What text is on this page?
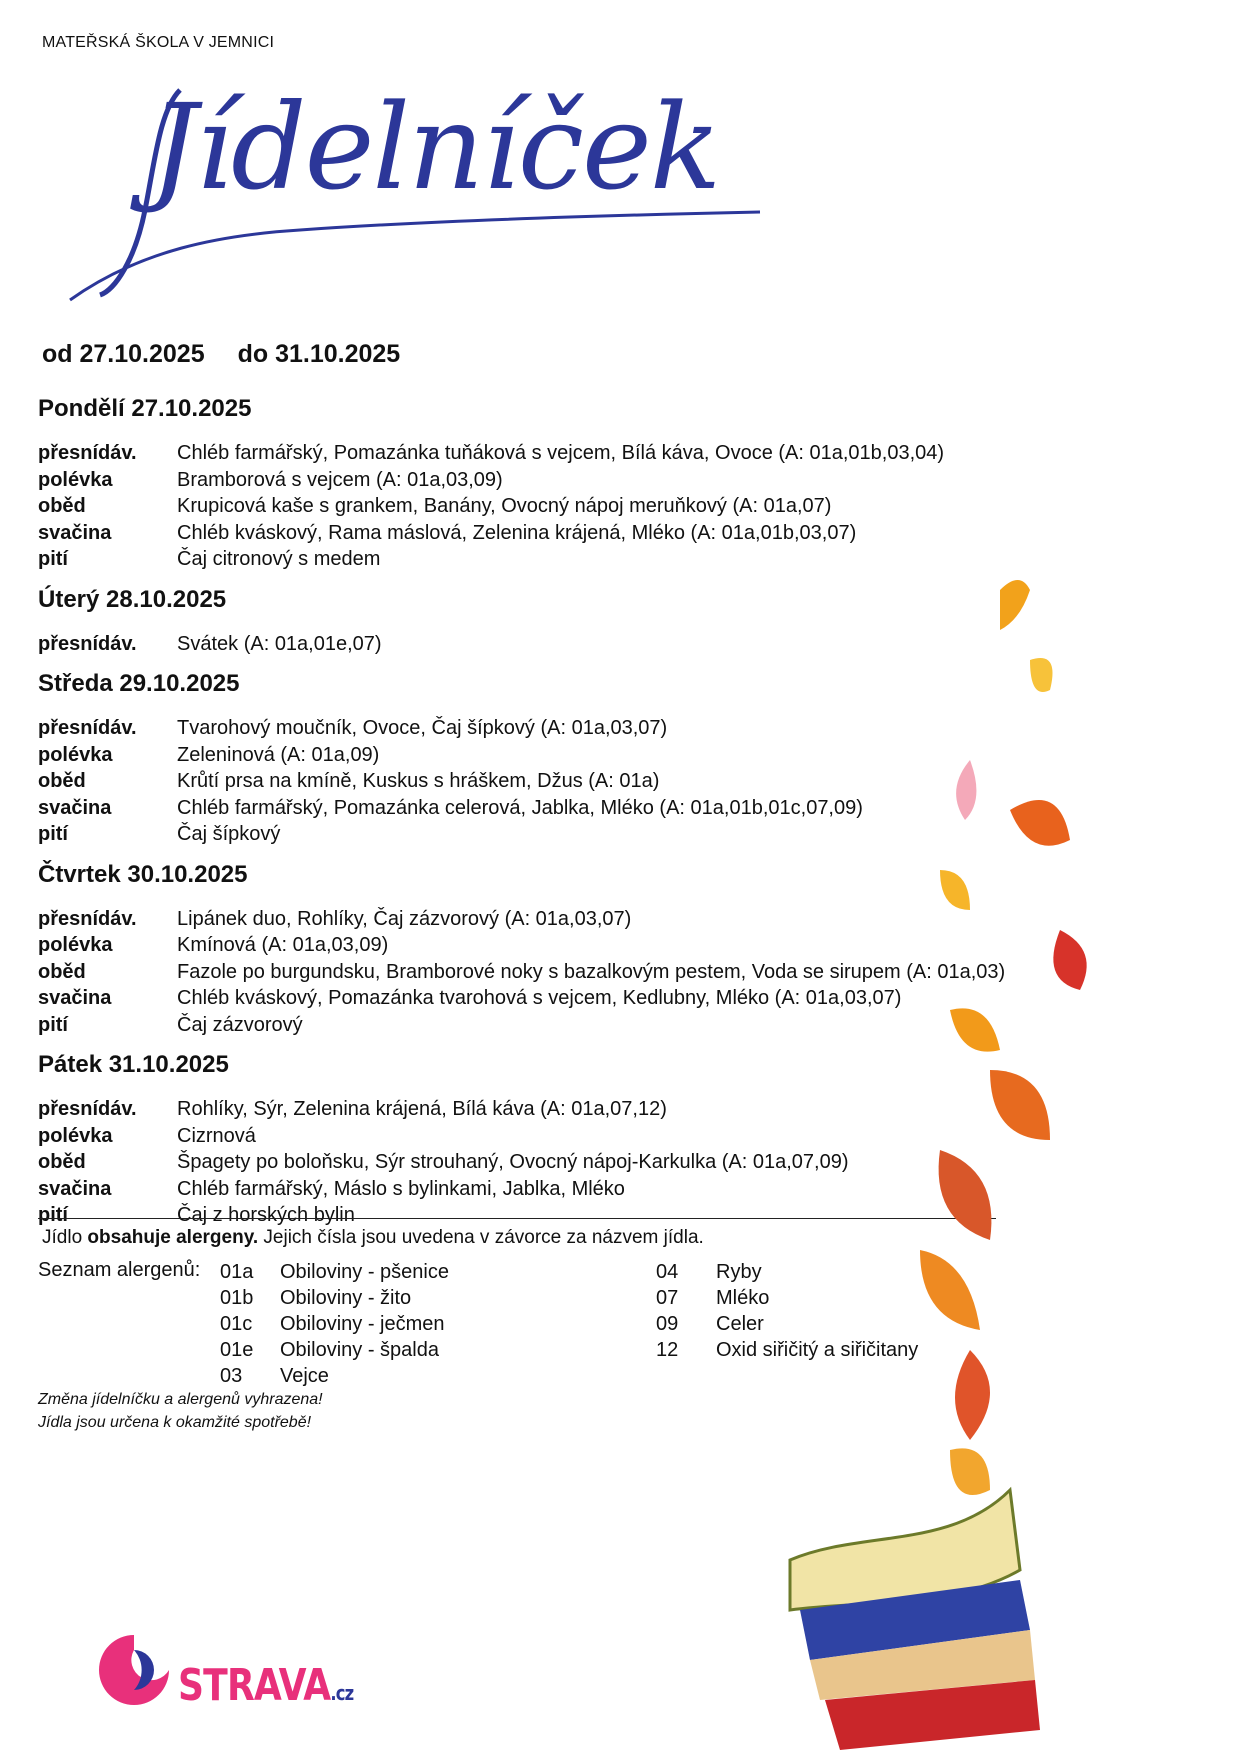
MATEŘSKÁ ŠKOLA V JEMNICI
Jídelníček
od 27.10.2025 do 31.10.2025
Pondělí 27.10.2025
přesnídáv.	Chléb farmářský, Pomazánka tuňáková s vejcem, Bílá káva, Ovoce (A: 01a,01b,03,04)
polévka	Bramborová s vejcem (A: 01a,03,09)
oběd	Krupicová kaše s grankem, Banány, Ovocný nápoj meruňkový (A: 01a,07)
svačina	Chléb kváskový, Rama máslová, Zelenina krájená, Mléko (A: 01a,01b,03,07)
pití	Čaj citronový s medem
Úterý 28.10.2025
přesnídáv.	Svátek (A: 01a,01e,07)
Středa 29.10.2025
přesnídáv.	Tvarohový moučník, Ovoce, Čaj šípkový (A: 01a,03,07)
polévka	Zeleninová (A: 01a,09)
oběd	Krůtí prsa na kmíně, Kuskus s hráškem, Džus (A: 01a)
svačina	Chléb farmářský, Pomazánka celerová, Jablka, Mléko (A: 01a,01b,01c,07,09)
pití	Čaj šípkový
Čtvrtek 30.10.2025
přesnídáv.	Lipánek duo, Rohlíky, Čaj zázvorový (A: 01a,03,07)
polévka	Kmínová (A: 01a,03,09)
oběd	Fazole po burgundsku, Bramborové noky s bazalkovým pestem, Voda se sirupem (A: 01a,03)
svačina	Chléb kváskový, Pomazánka tvarohová s vejcem, Kedlubny, Mléko (A: 01a,03,07)
pití	Čaj zázvorový
Pátek 31.10.2025
přesnídáv.	Rohlíky, Sýr, Zelenina krájená, Bílá káva (A: 01a,07,12)
polévka	Cizrnová
oběd	Špagety po boloňsku, Sýr strouhaný, Ovocný nápoj-Karkulka (A: 01a,07,09)
svačina	Chléb farmářský, Máslo s bylinkami, Jablka, Mléko
pití	Čaj z horských bylin
Jídlo obsahuje alergeny. Jejich čísla jsou uvedena v závorce za názvem jídla.
Seznam alergenů: 01a	Obiloviny - pšenice
01b	Obiloviny - žito
01c	Obiloviny - ječmen
01e	Obiloviny - špalda
03	Vejce
04	Ryby
07	Mléko
09	Celer
12	Oxid siřičitý a siřičitany
Změna jídelníčku a alergenů vyhrazena!
Jídla jsou určena k okamžité spotřebě!
STRAVA.cz
